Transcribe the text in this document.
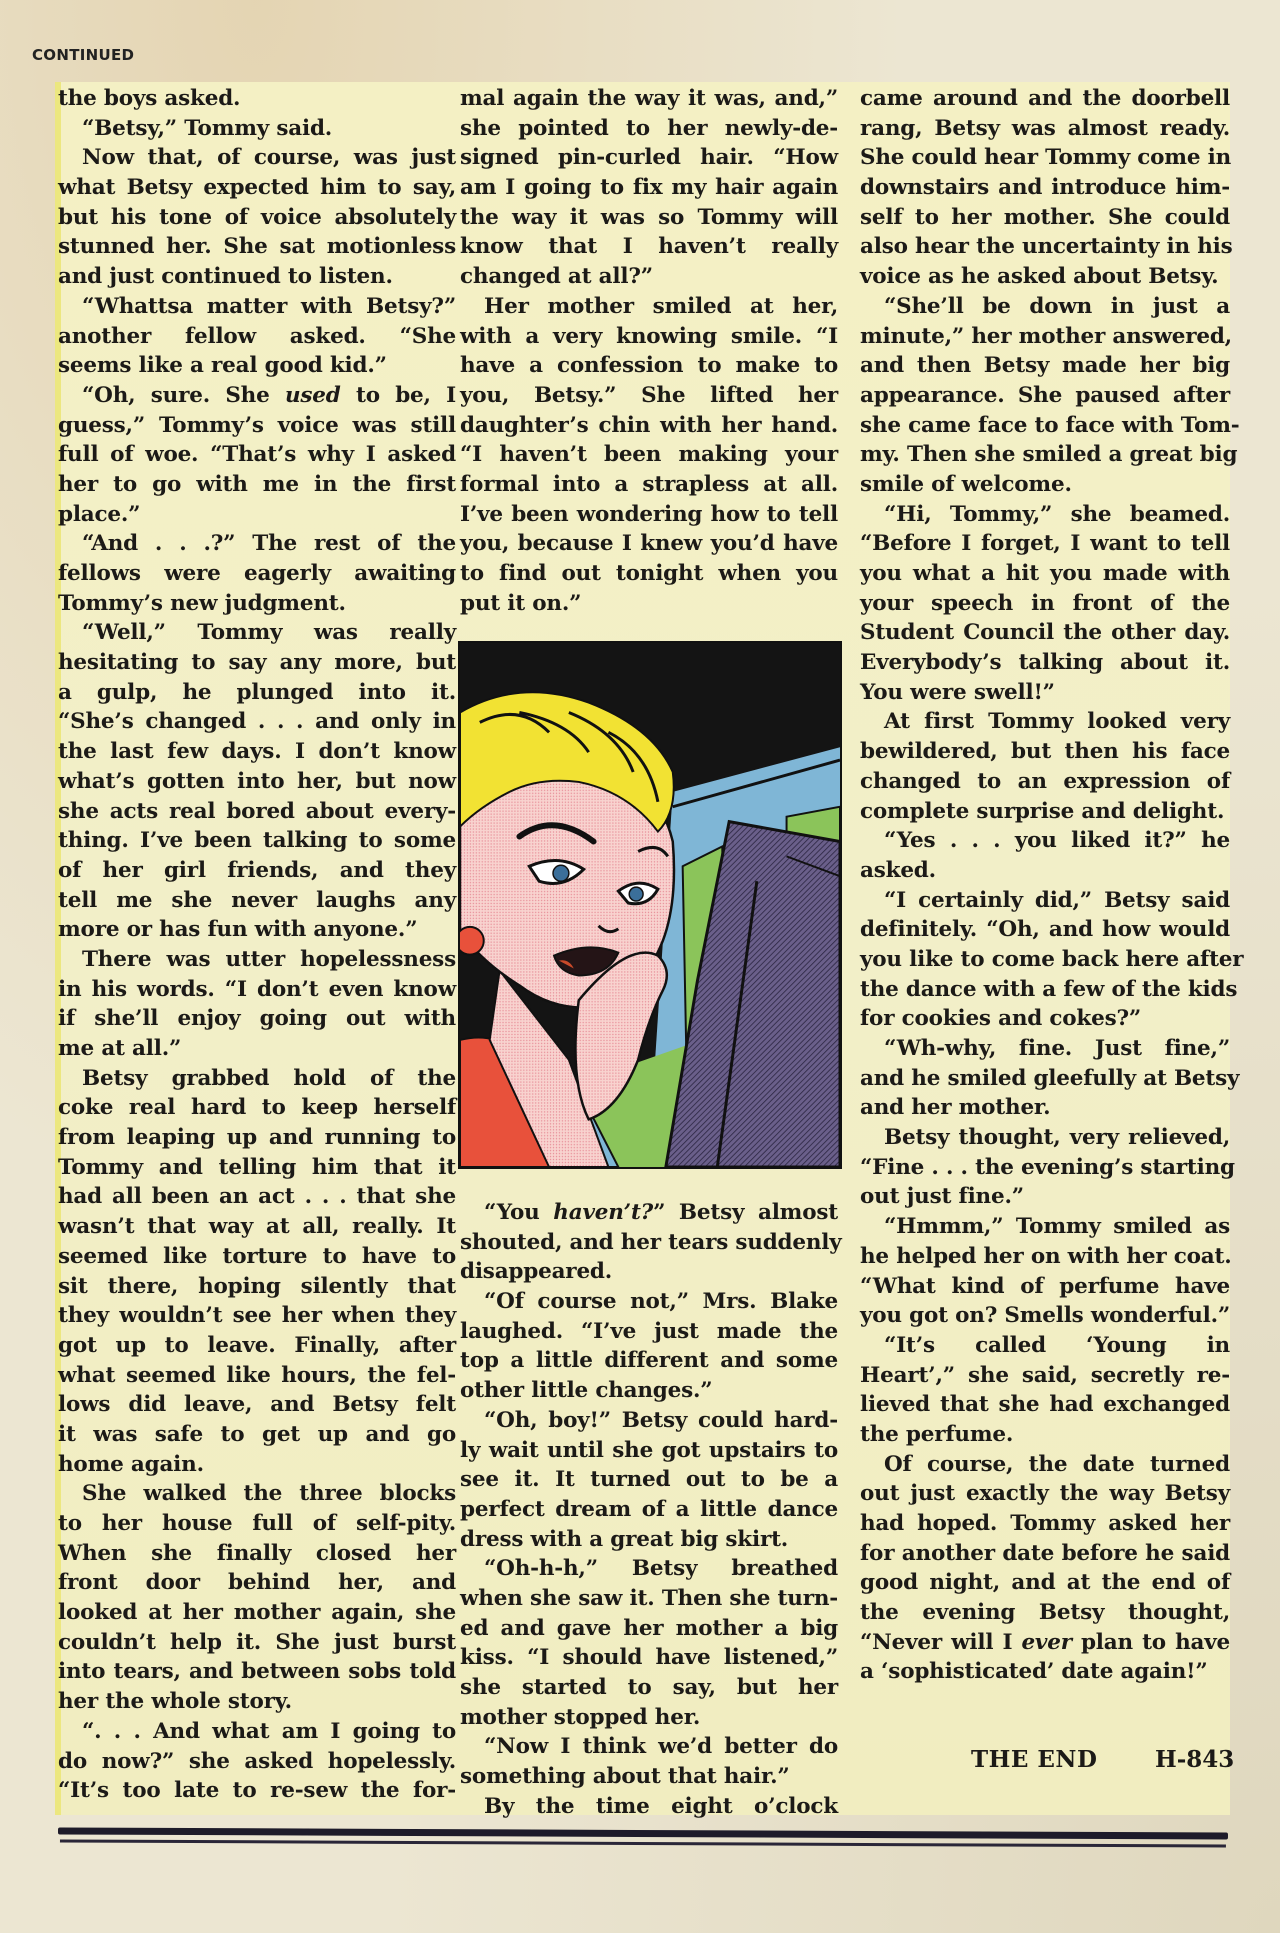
CONTINUED
the boys asked.
“Betsy,” Tommy said.
Now that, of course, was just
what Betsy expected him to say,
but his tone of voice absolutely
stunned her. She sat motionless
and just continued to listen.
“Whattsa matter with Betsy?”
another fellow asked. “She
seems like a real good kid.”
“Oh, sure. She used to be, I
guess,” Tommy’s voice was still
full of woe. “That’s why I asked
her to go with me in the first
place.”
“And . . .?” The rest of the
fellows were eagerly awaiting
Tommy’s new judgment.
“Well,” Tommy was really
hesitating to say any more, but
a gulp, he plunged into it.
“She’s changed . . . and only in
the last few days. I don’t know
what’s gotten into her, but now
she acts real bored about every-
thing. I’ve been talking to some
of her girl friends, and they
tell me she never laughs any
more or has fun with anyone.”
There was utter hopelessness
in his words. “I don’t even know
if she’ll enjoy going out with
me at all.”
Betsy grabbed hold of the
coke real hard to keep herself
from leaping up and running to
Tommy and telling him that it
had all been an act . . . that she
wasn’t that way at all, really. It
seemed like torture to have to
sit there, hoping silently that
they wouldn’t see her when they
got up to leave. Finally, after
what seemed like hours, the fel-
lows did leave, and Betsy felt
it was safe to get up and go
home again.
She walked the three blocks
to her house full of self-pity.
When she finally closed her
front door behind her, and
looked at her mother again, she
couldn’t help it. She just burst
into tears, and between sobs told
her the whole story.
“. . . And what am I going to
do now?” she asked hopelessly.
“It’s too late to re-sew the for-
mal again the way it was, and,”
she pointed to her newly-de-
signed pin-curled hair. “How
am I going to fix my hair again
the way it was so Tommy will
know that I haven’t really
changed at all?”
Her mother smiled at her,
with a very knowing smile. “I
have a confession to make to
you, Betsy.” She lifted her
daughter’s chin with her hand.
“I haven’t been making your
formal into a strapless at all.
I’ve been wondering how to tell
you, because I knew you’d have
to find out tonight when you
put it on.”
“You haven’t?” Betsy almost
shouted, and her tears suddenly
disappeared.
“Of course not,” Mrs. Blake
laughed. “I’ve just made the
top a little different and some
other little changes.”
“Oh, boy!” Betsy could hard-
ly wait until she got upstairs to
see it. It turned out to be a
perfect dream of a little dance
dress with a great big skirt.
“Oh-h-h,” Betsy breathed
when she saw it. Then she turn-
ed and gave her mother a big
kiss. “I should have listened,”
she started to say, but her
mother stopped her.
“Now I think we’d better do
something about that hair.”
By the time eight o’clock
came around and the doorbell
rang, Betsy was almost ready.
She could hear Tommy come in
downstairs and introduce him-
self to her mother. She could
also hear the uncertainty in his
voice as he asked about Betsy.
“She’ll be down in just a
minute,” her mother answered,
and then Betsy made her big
appearance. She paused after
she came face to face with Tom-
my. Then she smiled a great big
smile of welcome.
“Hi, Tommy,” she beamed.
“Before I forget, I want to tell
you what a hit you made with
your speech in front of the
Student Council the other day.
Everybody’s talking about it.
You were swell!”
At first Tommy looked very
bewildered, but then his face
changed to an expression of
complete surprise and delight.
“Yes . . . you liked it?” he
asked.
“I certainly did,” Betsy said
definitely. “Oh, and how would
you like to come back here after
the dance with a few of the kids
for cookies and cokes?”
“Wh-why, fine. Just fine,”
and he smiled gleefully at Betsy
and her mother.
Betsy thought, very relieved,
“Fine . . . the evening’s starting
out just fine.”
“Hmmm,” Tommy smiled as
he helped her on with her coat.
“What kind of perfume have
you got on? Smells wonderful.”
“It’s called ‘Young in
Heart’,” she said, secretly re-
lieved that she had exchanged
the perfume.
Of course, the date turned
out just exactly the way Betsy
had hoped. Tommy asked her
for another date before he said
good night, and at the end of
the evening Betsy thought,
“Never will I ever plan to have
a ‘sophisticated’ date again!”
THE END	H-843
